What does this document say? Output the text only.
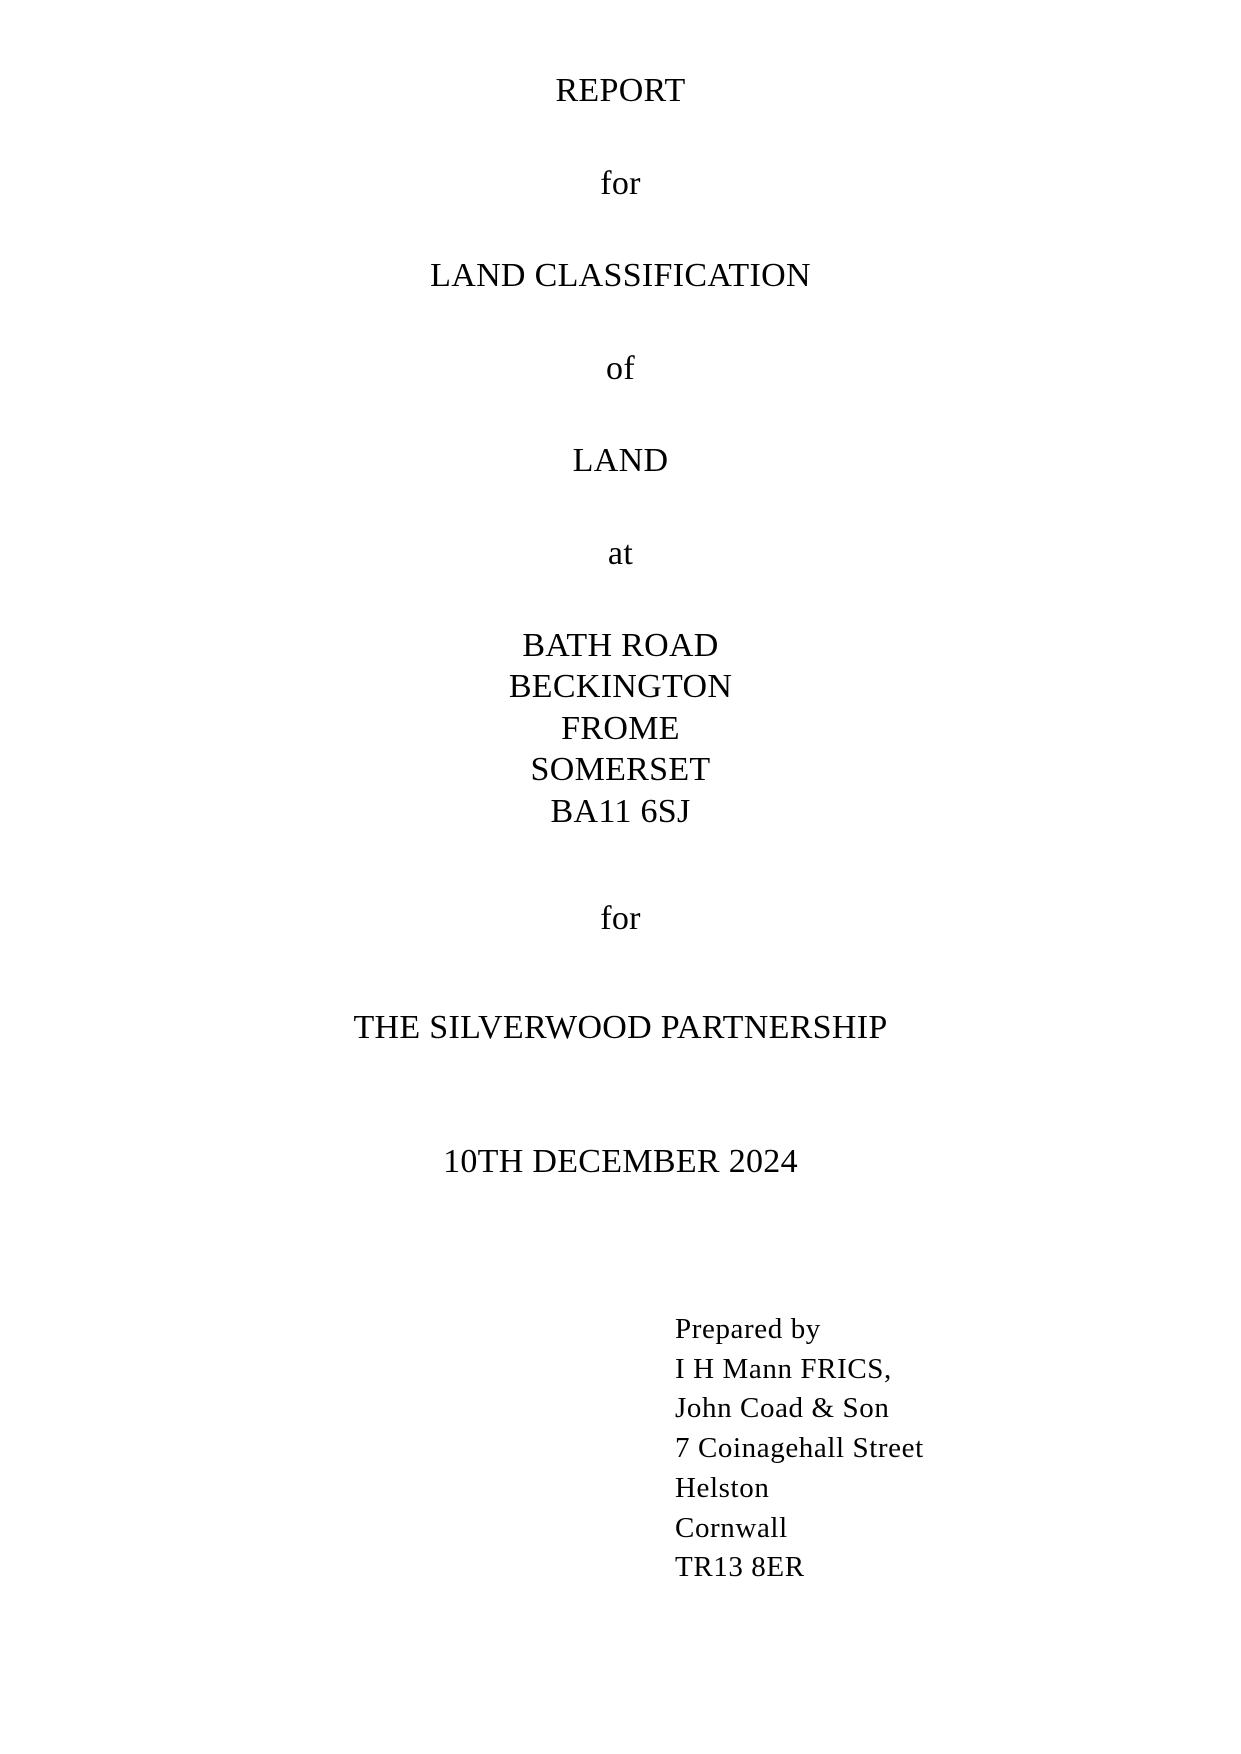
REPORT
for
LAND CLASSIFICATION
of
LAND
at
BATH ROAD
BECKINGTON
FROME
SOMERSET
BA11 6SJ
for
THE SILVERWOOD PARTNERSHIP
10TH DECEMBER 2024
Prepared by
I H Mann FRICS,
John Coad & Son
7 Coinagehall Street
Helston
Cornwall
TR13 8ER
